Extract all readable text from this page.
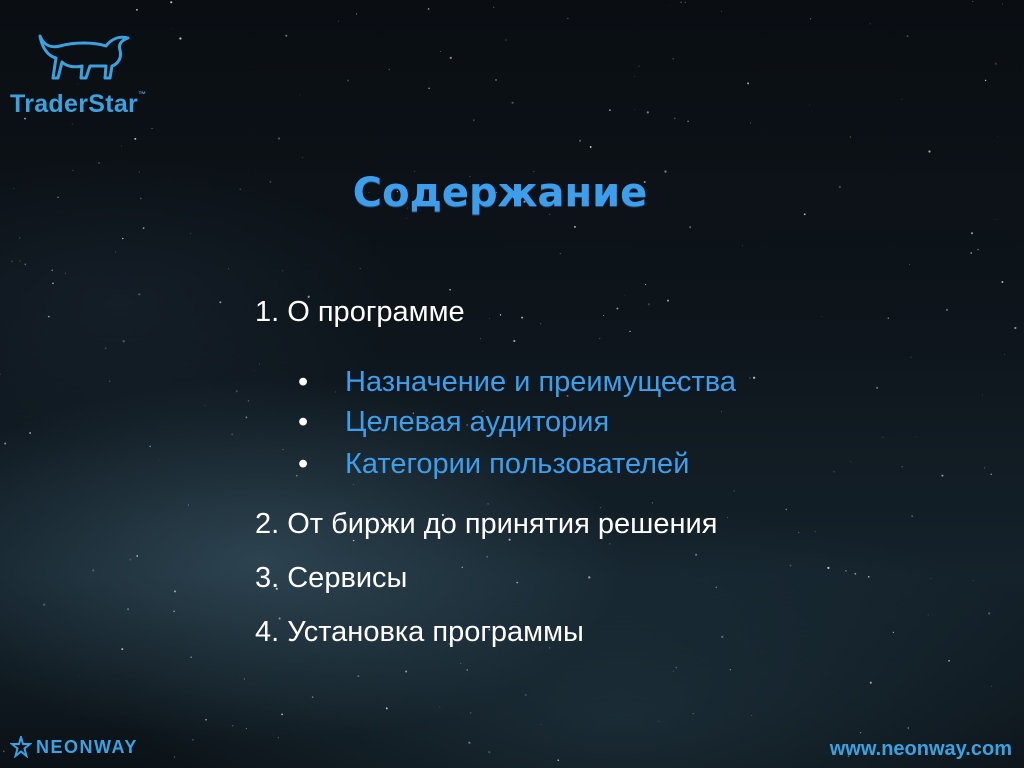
TraderStar™
Содержание
1. О программе
• Назначение и преимущества
• Целевая аудитория
• Категории пользователей
2. От биржи до принятия решения
3. Сервисы
4. Установка программы
NEONWAY	www.neonway.com
